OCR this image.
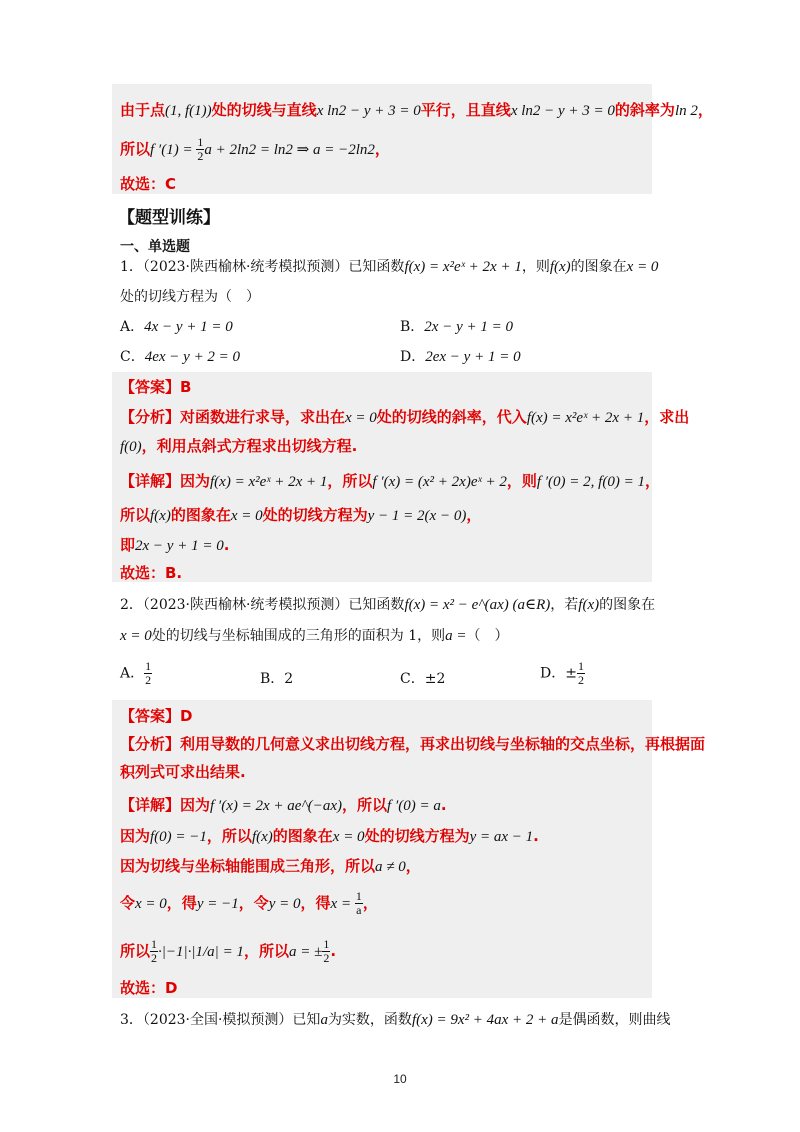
由于点(1, f(1))处的切线与直线x ln2 − y + 3 = 0平行，且直线x ln2 − y + 3 = 0的斜率为ln 2，
所以f $'(1) = \frac{1}{2}$ a + 2ln2 = ln2 ⇒ a = −2ln2，
故选：C
【题型训练】
一、单选题
1．（2023·陕西榆林·统考模拟预测）已知函数f(x) = x²eˣ + 2x + 1，则f(x)的图象在x = 0
处的切线方程为（　）
A．4x − y + 1 = 0	B．2x − y + 1 = 0
C．4ex − y + 2 = 0	D．2ex − y + 1 = 0
【答案】B
【分析】对函数进行求导，求出在x = 0处的切线的斜率，代入f(x) = x²eˣ + 2x + 1，求出
f(0)，利用点斜式方程求出切线方程.
【详解】因为f(x) = x²eˣ + 2x + 1，所以f ′(x) = (x² + 2x)eˣ + 2，则f ′(0) = 2, f(0) = 1，
所以f(x)的图象在x = 0处的切线方程为y − 1 = 2(x − 0)，
即2x − y + 1 = 0.
故选：B.
2．（2023·陕西榆林·统考模拟预测）已知函数f(x) = x² − e^(ax) (a∈R)，若f(x)的图象在
x = 0处的切线与坐标轴围成的三角形的面积为 1，则a =（　）
A． $\frac{1}{2}$	B．2	C．±2	D．± $\frac{1}{2}$
【答案】D
【分析】利用导数的几何意义求出切线方程，再求出切线与坐标轴的交点坐标，再根据面
积列式可求出结果.
【详解】因为f ′(x) = 2x + ae^(−ax)，所以f ′(0) = a.
因为f(0) = −1，所以f(x)的图象在x = 0处的切线方程为y = ax − 1.
因为切线与坐标轴能围成三角形，所以a ≠ 0，
令x = 0，得y = −1，令y = 0，得$x = \frac{1}{a}$ ，
所以 $\frac{1}{2} \cdot|-1|\cdot|1/a| = 1$，所以a = ± $\frac{1}{2}$ .
故选：D
3．（2023·全国·模拟预测）已知a为实数，函数f(x) = 9x² + 4ax + 2 + a是偶函数，则曲线
10
